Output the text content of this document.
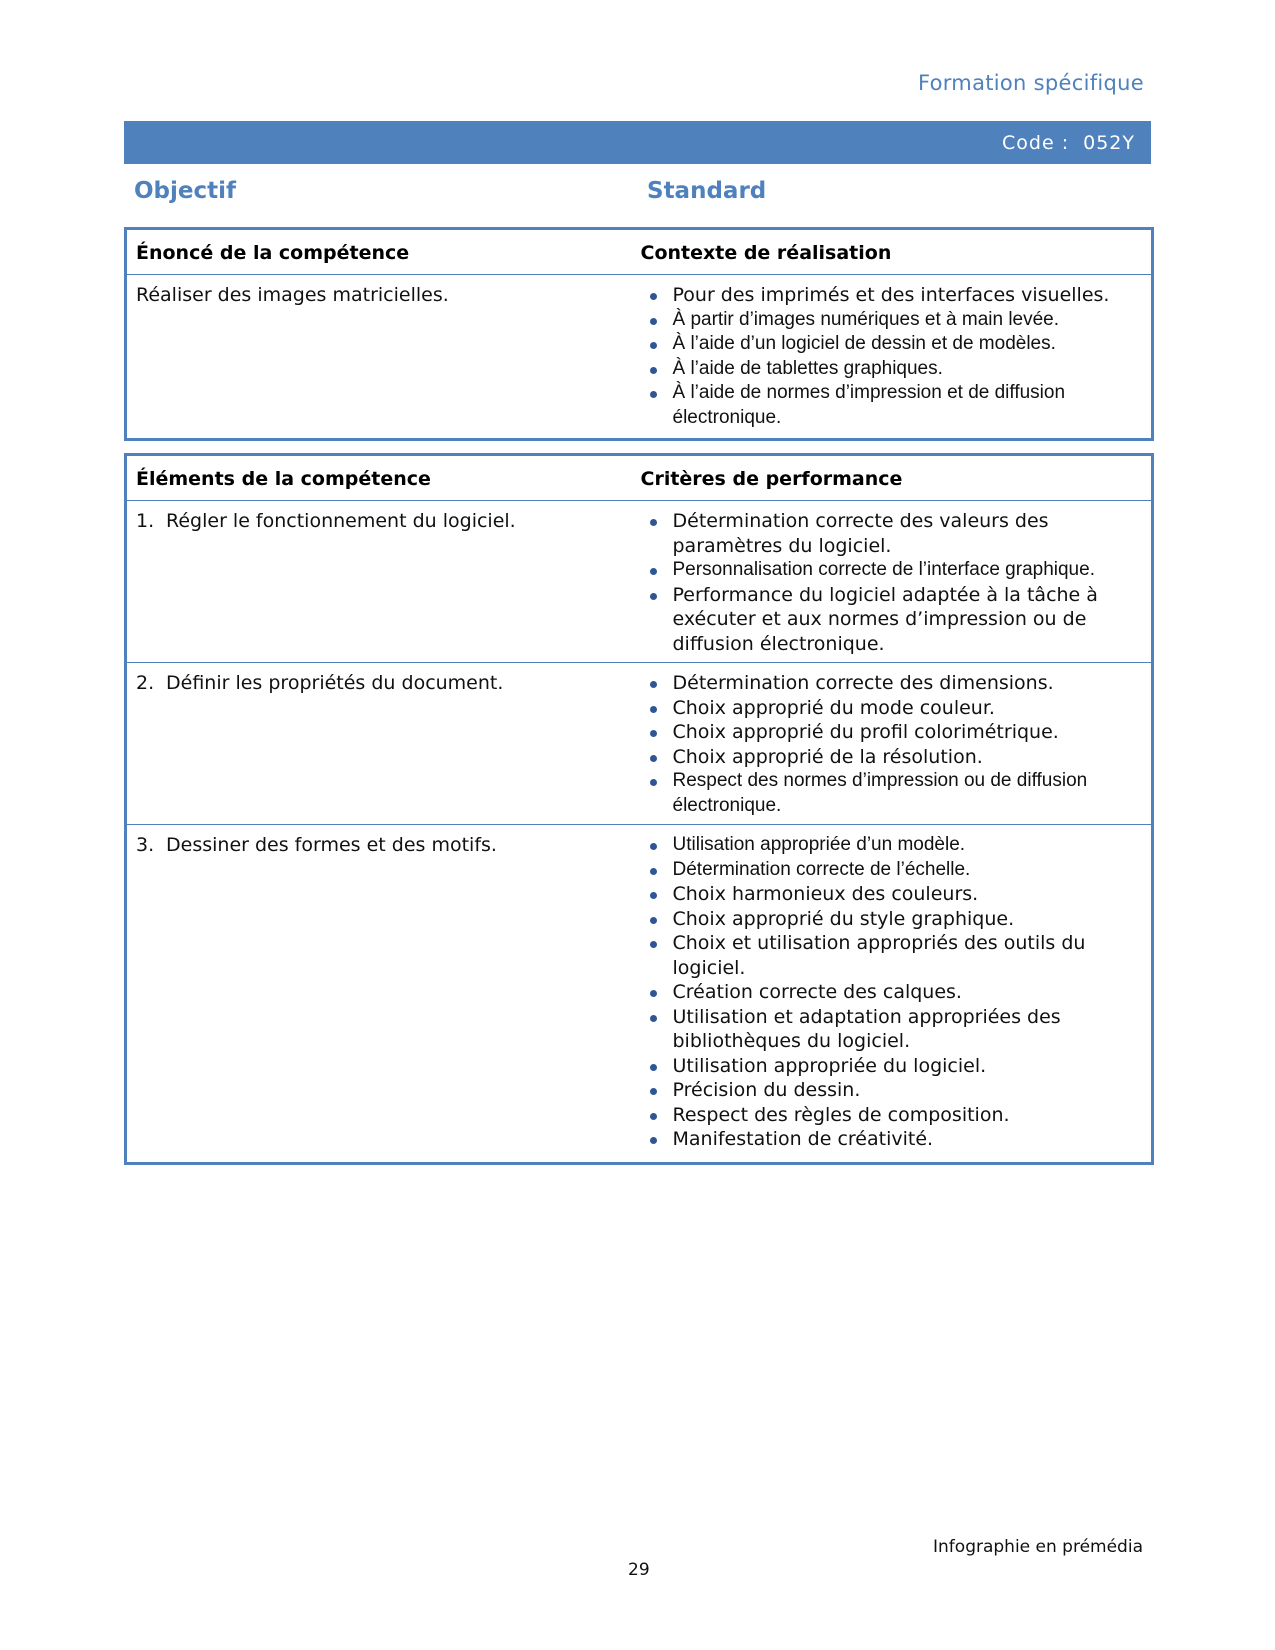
Formation spécifique
Code : 052Y
Objectif	Standard
Énoncé de la compétence	Contexte de réalisation
Réaliser des images matricielles.	Pour des imprimés et des interfaces visuelles.
À partir d’images numériques et à main levée.
À l’aide d’un logiciel de dessin et de modèles.
À l’aide de tablettes graphiques.
À l’aide de normes d’impression et de diffusion électronique.
Éléments de la compétence	Critères de performance
1. Régler le fonctionnement du logiciel.	Détermination correcte des valeurs des paramètres du logiciel.
Personnalisation correcte de l’interface graphique.
Performance du logiciel adaptée à la tâche à exécuter et aux normes d’impression ou de diffusion électronique.

2. Définir les propriétés du document.	Détermination correcte des dimensions.
Choix approprié du mode couleur.
Choix approprié du profil colorimétrique.
Choix approprié de la résolution.
Respect des normes d’impression ou de diffusion électronique.

3. Dessiner des formes et des motifs.	Utilisation appropriée d’un modèle.
Détermination correcte de l’échelle.
Choix harmonieux des couleurs.
Choix approprié du style graphique.
Choix et utilisation appropriés des outils du logiciel.
Création correcte des calques.
Utilisation et adaptation appropriées des bibliothèques du logiciel.
Utilisation appropriée du logiciel.
Précision du dessin.
Respect des règles de composition.
Manifestation de créativité.
Infographie en prémédia
29
